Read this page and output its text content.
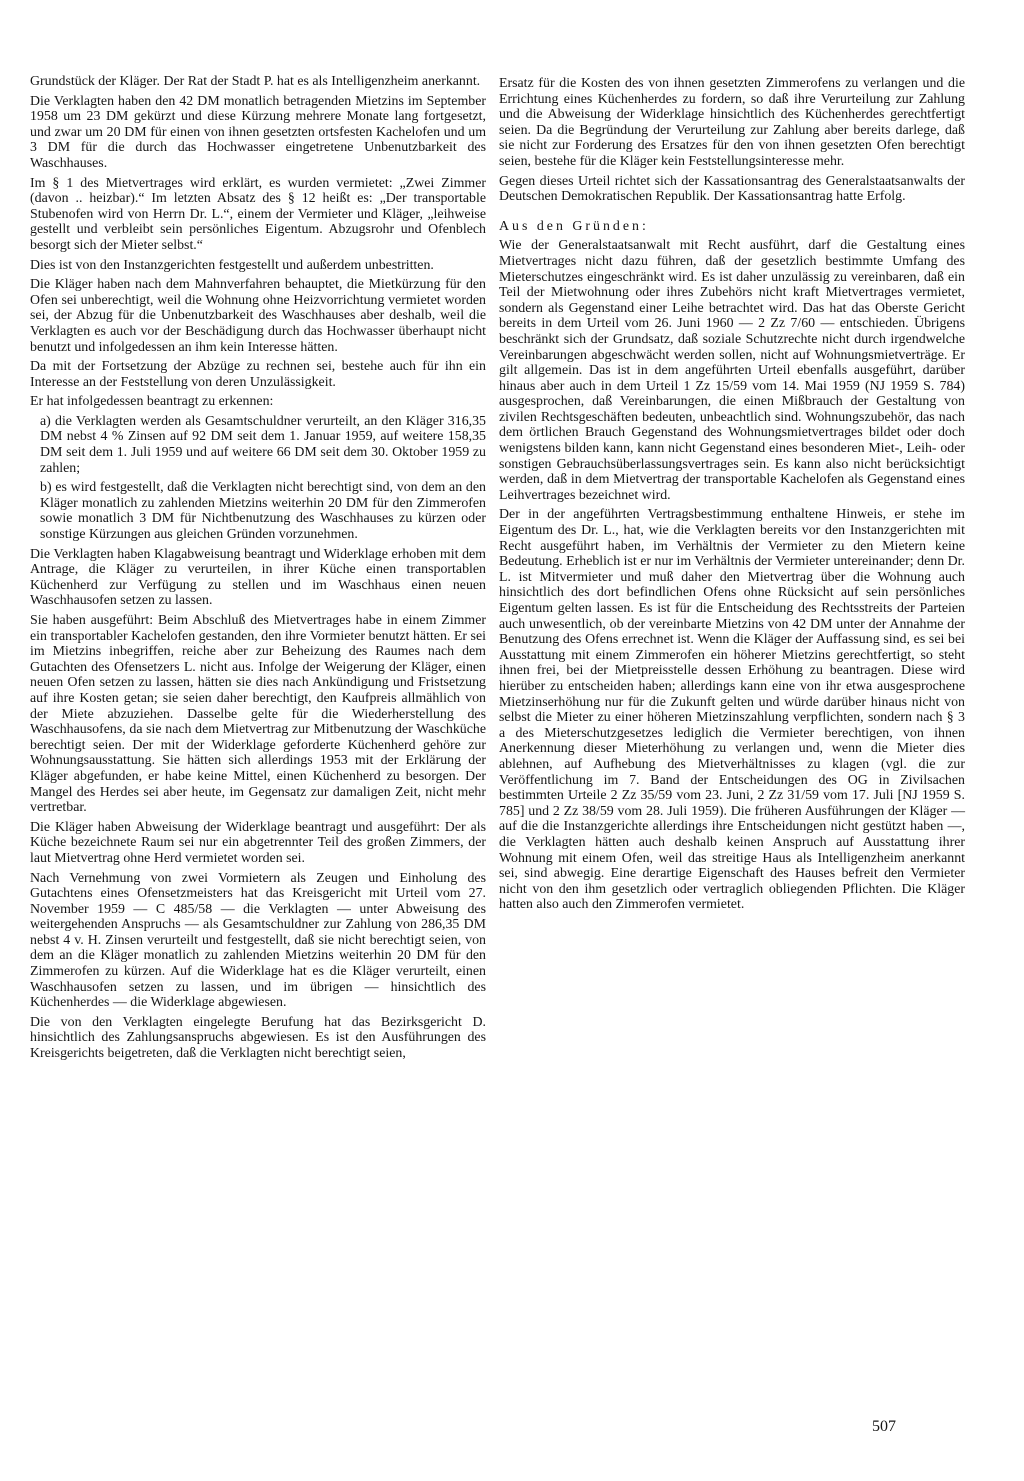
Grundstück der Kläger. Der Rat der Stadt P. hat es als Intelligenzheim anerkannt.

Die Verklagten haben den 42 DM monatlich betragenden Mietzins im September 1958 um 23 DM gekürzt und diese Kürzung mehrere Monate lang fortgesetzt, und zwar um 20 DM für einen von ihnen gesetzten ortsfesten Kachelofen und um 3 DM für die durch das Hochwasser eingetretene Unbenutzbarkeit des Waschhauses.

Im § 1 des Mietvertrages wird erklärt, es wurden vermietet: „Zwei Zimmer (davon .. heizbar).“ Im letzten Absatz des § 12 heißt es: „Der transportable Stubenofen wird von Herrn Dr. L.“, einem der Vermieter und Kläger, „leihweise gestellt und verbleibt sein persönliches Eigentum. Abzugsrohr und Ofenblech besorgt sich der Mieter selbst.“

Dies ist von den Instanzgerichten festgestellt und außerdem unbestritten.

Die Kläger haben nach dem Mahnverfahren behauptet, die Mietkürzung für den Ofen sei unberechtigt, weil die Wohnung ohne Heizvorrichtung vermietet worden sei, der Abzug für die Unbenutzbarkeit des Waschhauses aber deshalb, weil die Verklagten es auch vor der Beschädigung durch das Hochwasser überhaupt nicht benutzt und infolgedessen an ihm kein Interesse hätten.

Da mit der Fortsetzung der Abzüge zu rechnen sei, bestehe auch für ihn ein Interesse an der Feststellung von deren Unzulässigkeit.

Er hat infolgedessen beantragt zu erkennen:

a) die Verklagten werden als Gesamtschuldner verurteilt, an den Kläger 316,35 DM nebst 4 % Zinsen auf 92 DM seit dem 1. Januar 1959, auf weitere 158,35 DM seit dem 1. Juli 1959 und auf weitere 66 DM seit dem 30. Oktober 1959 zu zahlen;

b) es wird festgestellt, daß die Verklagten nicht berechtigt sind, von dem an den Kläger monatlich zu zahlenden Mietzins weiterhin 20 DM für den Zimmerofen sowie monatlich 3 DM für Nichtbenutzung des Waschhauses zu kürzen oder sonstige Kürzungen aus gleichen Gründen vorzunehmen.

Die Verklagten haben Klagabweisung beantragt und Widerklage erhoben mit dem Antrage, die Kläger zu verurteilen, in ihrer Küche einen transportablen Küchenherd zur Verfügung zu stellen und im Waschhaus einen neuen Waschhausofen setzen zu lassen.

Sie haben ausgeführt: Beim Abschluß des Mietvertrages habe in einem Zimmer ein transportabler Kachelofen gestanden, den ihre Vormieter benutzt hätten. Er sei im Mietzins inbegriffen, reiche aber zur Beheizung des Raumes nach dem Gutachten des Ofensetzers L. nicht aus. Infolge der Weigerung der Kläger, einen neuen Ofen setzen zu lassen, hätten sie dies nach Ankündigung und Fristsetzung auf ihre Kosten getan; sie seien daher berechtigt, den Kaufpreis allmählich von der Miete abzuziehen. Dasselbe gelte für die Wiederherstellung des Waschhausofens, da sie nach dem Mietvertrag zur Mitbenutzung der Waschküche berechtigt seien. Der mit der Widerklage geforderte Küchenherd gehöre zur Wohnungsausstattung. Sie hätten sich allerdings 1953 mit der Erklärung der Kläger abgefunden, er habe keine Mittel, einen Küchenherd zu besorgen. Der Mangel des Herdes sei aber heute, im Gegensatz zur damaligen Zeit, nicht mehr vertretbar.

Die Kläger haben Abweisung der Widerklage beantragt und ausgeführt: Der als Küche bezeichnete Raum sei nur ein abgetrennter Teil des großen Zimmers, der laut Mietvertrag ohne Herd vermietet worden sei.

Nach Vernehmung von zwei Vormietern als Zeugen und Einholung des Gutachtens eines Ofensetzmeisters hat das Kreisgericht mit Urteil vom 27. November 1959 — C 485/58 — die Verklagten — unter Abweisung des weitergehenden Anspruchs — als Gesamtschuldner zur Zahlung von 286,35 DM nebst 4 v. H. Zinsen verurteilt und festgestellt, daß sie nicht berechtigt seien, von dem an die Kläger monatlich zu zahlenden Mietzins weiterhin 20 DM für den Zimmerofen zu kürzen. Auf die Widerklage hat es die Kläger verurteilt, einen Waschhausofen setzen zu lassen, und im übrigen — hinsichtlich des Küchenherdes — die Widerklage abgewiesen.

Die von den Verklagten eingelegte Berufung hat das Bezirksgericht D. hinsichtlich des Zahlungsanspruchs abgewiesen. Es ist den Ausführungen des Kreisgerichts beigetreten, daß die Verklagten nicht berechtigt seien,

Ersatz für die Kosten des von ihnen gesetzten Zimmerofens zu verlangen und die Errichtung eines Küchenherdes zu fordern, so daß ihre Verurteilung zur Zahlung und die Abweisung der Widerklage hinsichtlich des Küchenherdes gerechtfertigt seien. Da die Begründung der Verurteilung zur Zahlung aber bereits darlege, daß sie nicht zur Forderung des Ersatzes für den von ihnen gesetzten Ofen berechtigt seien, bestehe für die Kläger kein Feststellungsinteresse mehr.

Gegen dieses Urteil richtet sich der Kassationsantrag des Generalstaatsanwalts der Deutschen Demokratischen Republik. Der Kassationsantrag hatte Erfolg.

Aus den Gründen:

Wie der Generalstaatsanwalt mit Recht ausführt, darf die Gestaltung eines Mietvertrages nicht dazu führen, daß der gesetzlich bestimmte Umfang des Mieterschutzes eingeschränkt wird. Es ist daher unzulässig zu vereinbaren, daß ein Teil der Mietwohnung oder ihres Zubehörs nicht kraft Mietvertrages vermietet, sondern als Gegenstand einer Leihe betrachtet wird. Das hat das Oberste Gericht bereits in dem Urteil vom 26. Juni 1960 — 2 Zz 7/60 — entschieden. Übrigens beschränkt sich der Grundsatz, daß soziale Schutzrechte nicht durch irgendwelche Vereinbarungen abgeschwächt werden sollen, nicht auf Wohnungsmietverträge. Er gilt allgemein. Das ist in dem angeführten Urteil ebenfalls ausgeführt, darüber hinaus aber auch in dem Urteil 1 Zz 15/59 vom 14. Mai 1959 (NJ 1959 S. 784) ausgesprochen, daß Vereinbarungen, die einen Mißbrauch der Gestaltung von zivilen Rechtsgeschäften bedeuten, unbeachtlich sind. Wohnungszubehör, das nach dem örtlichen Brauch Gegenstand des Wohnungsmietvertrages bildet oder doch wenigstens bilden kann, kann nicht Gegenstand eines besonderen Miet-, Leih- oder sonstigen Gebrauchsüberlassungsvertrages sein. Es kann also nicht berücksichtigt werden, daß in dem Mietvertrag der transportable Kachelofen als Gegenstand eines Leihvertrages bezeichnet wird.

Der in der angeführten Vertragsbestimmung enthaltene Hinweis, er stehe im Eigentum des Dr. L., hat, wie die Verklagten bereits vor den Instanzgerichten mit Recht ausgeführt haben, im Verhältnis der Vermieter zu den Mietern keine Bedeutung. Erheblich ist er nur im Verhältnis der Vermieter untereinander; denn Dr. L. ist Mitvermieter und muß daher den Mietvertrag über die Wohnung auch hinsichtlich des dort befindlichen Ofens ohne Rücksicht auf sein persönliches Eigentum gelten lassen. Es ist für die Entscheidung des Rechtsstreits der Parteien auch unwesentlich, ob der vereinbarte Mietzins von 42 DM unter der Annahme der Benutzung des Ofens errechnet ist. Wenn die Kläger der Auffassung sind, es sei bei Ausstattung mit einem Zimmerofen ein höherer Mietzins gerechtfertigt, so steht ihnen frei, bei der Mietpreisstelle dessen Erhöhung zu beantragen. Diese wird hierüber zu entscheiden haben; allerdings kann eine von ihr etwa ausgesprochene Mietzinserhöhung nur für die Zukunft gelten und würde darüber hinaus nicht von selbst die Mieter zu einer höheren Mietzinszahlung verpflichten, sondern nach § 3 a des Mieterschutzgesetzes lediglich die Vermieter berechtigen, von ihnen Anerkennung dieser Mieterhöhung zu verlangen und, wenn die Mieter dies ablehnen, auf Aufhebung des Mietverhältnisses zu klagen (vgl. die zur Veröffentlichung im 7. Band der Entscheidungen des OG in Zivilsachen bestimmten Urteile 2 Zz 35/59 vom 23. Juni, 2 Zz 31/59 vom 17. Juli [NJ 1959 S. 785] und 2 Zz 38/59 vom 28. Juli 1959). Die früheren Ausführungen der Kläger — auf die die Instanzgerichte allerdings ihre Entscheidungen nicht gestützt haben —, die Verklagten hätten auch deshalb keinen Anspruch auf Ausstattung ihrer Wohnung mit einem Ofen, weil das streitige Haus als Intelligenzheim anerkannt sei, sind abwegig. Eine derartige Eigenschaft des Hauses befreit den Vermieter nicht von den ihm gesetzlich oder vertraglich obliegenden Pflichten. Die Kläger hatten also auch den Zimmerofen vermietet.

507
